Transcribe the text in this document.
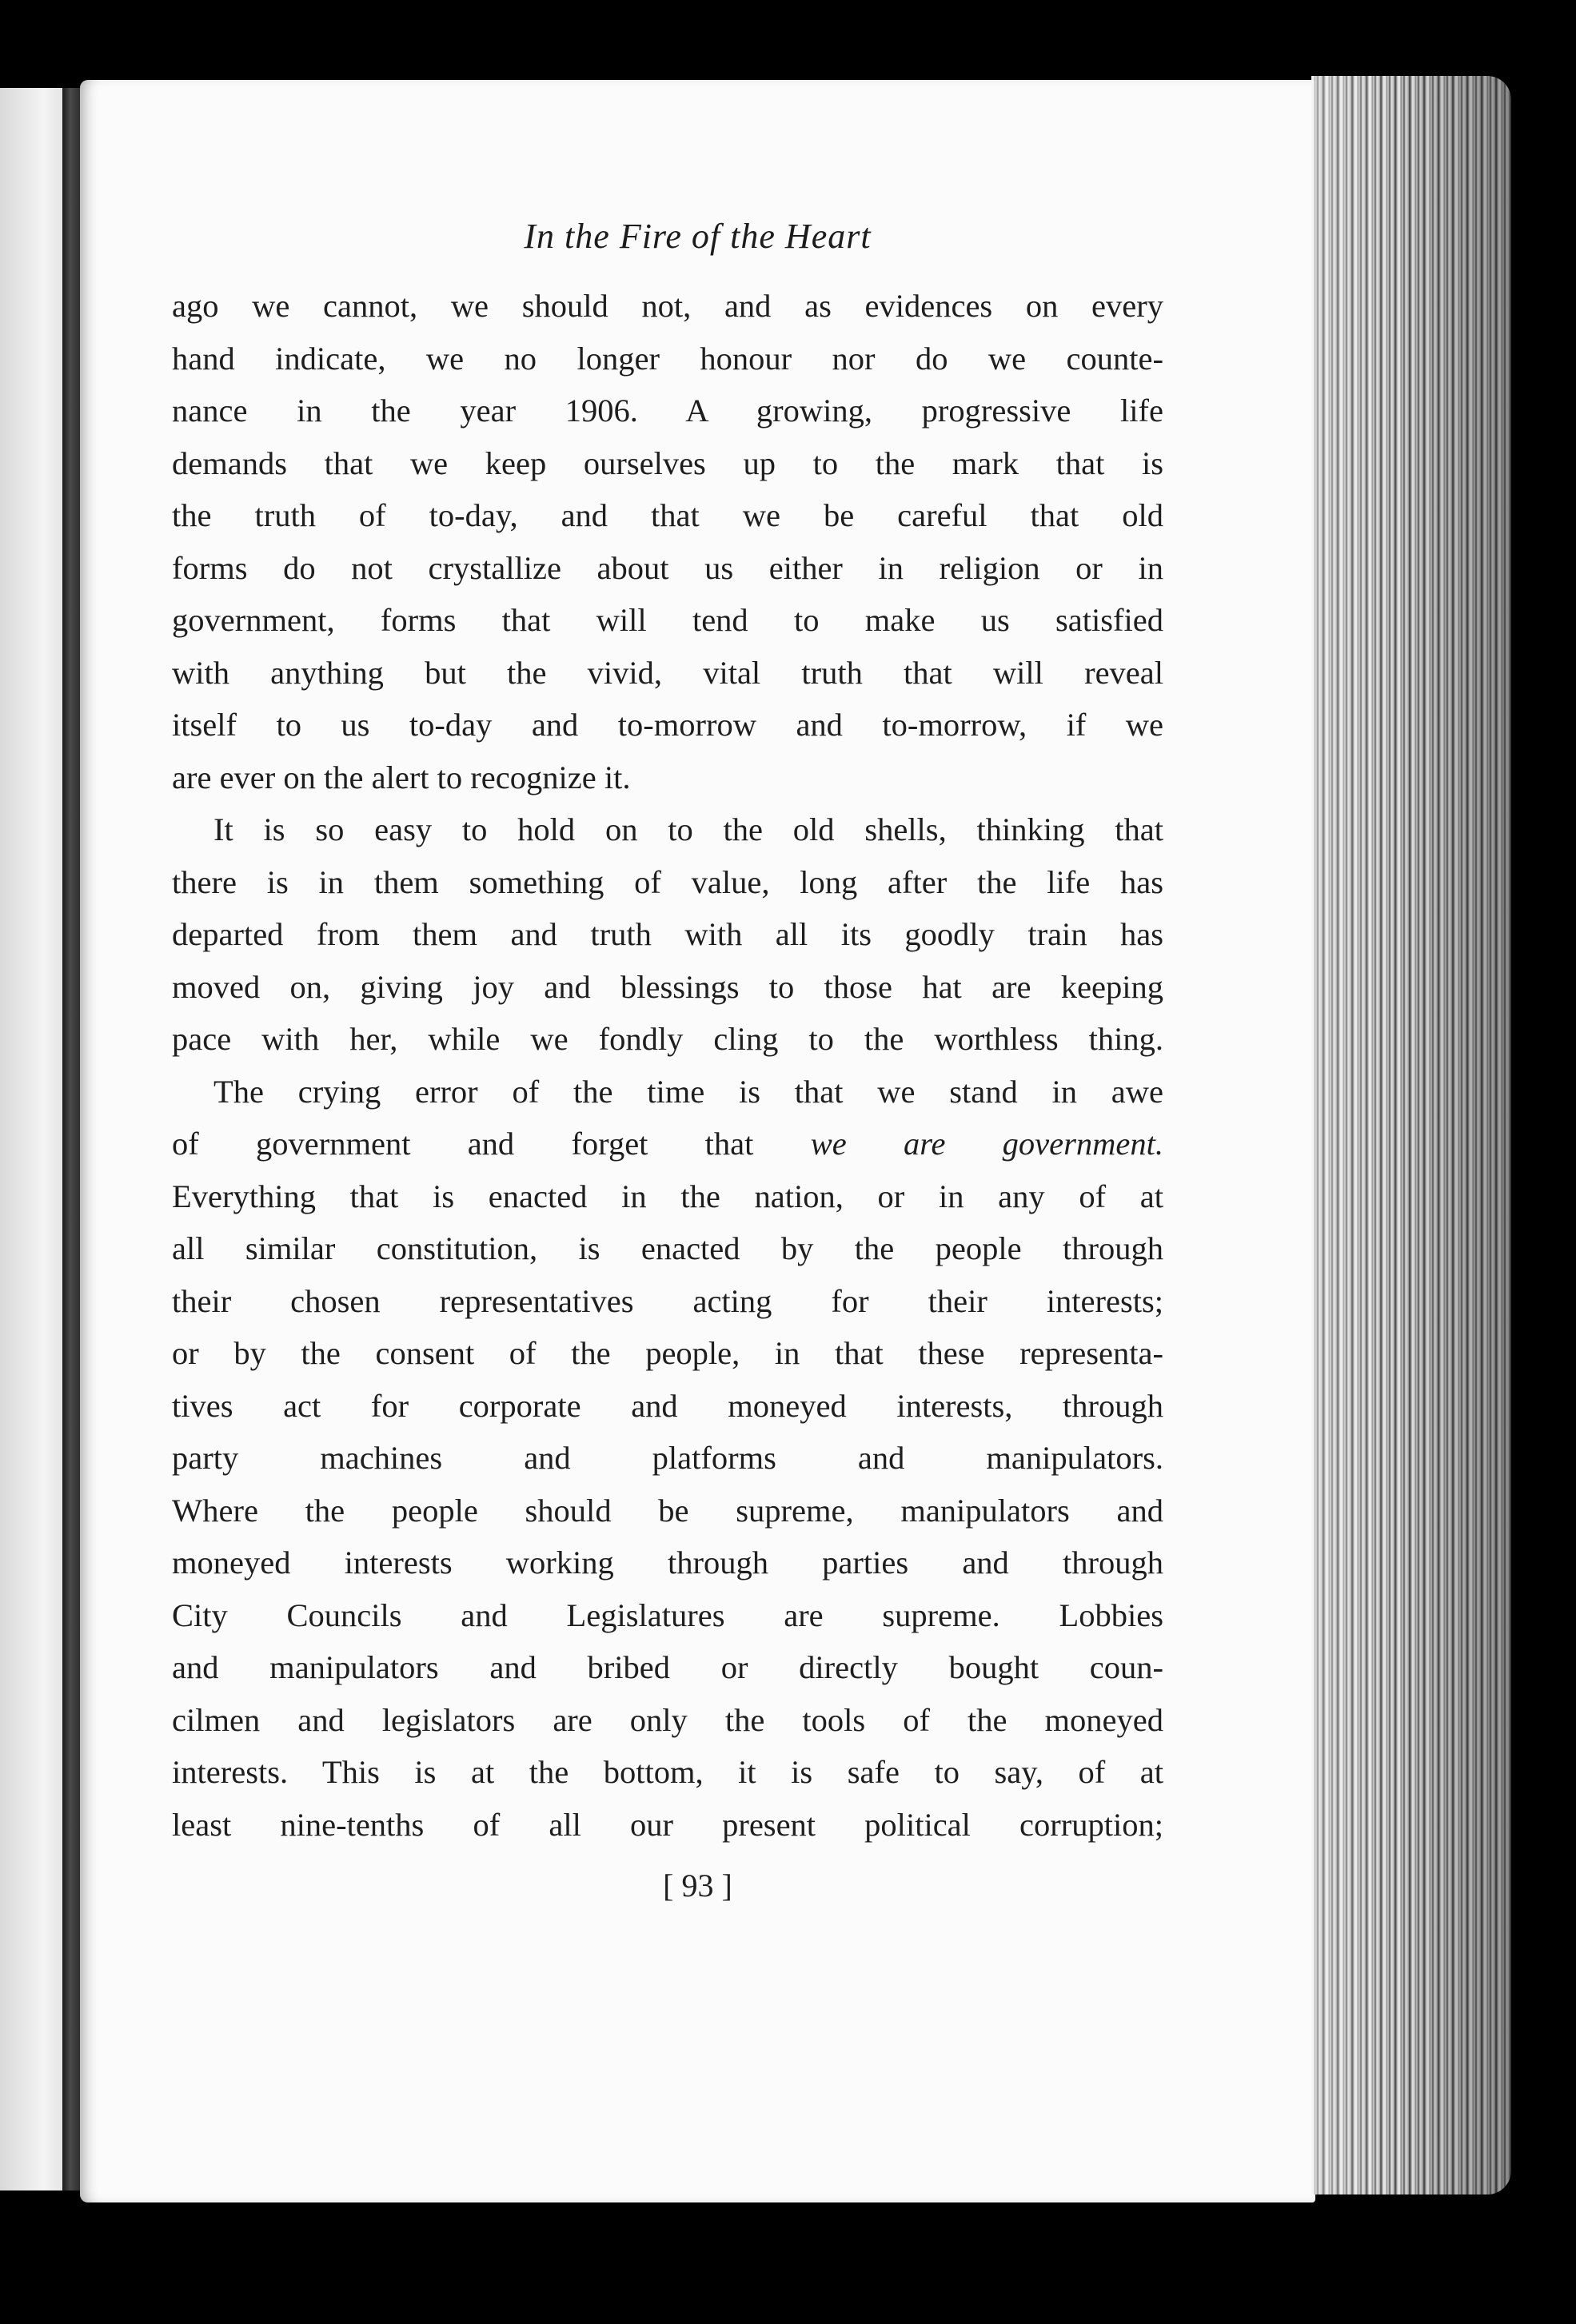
In the Fire of the Heart
ago we cannot, we should not, and as evidences on every
hand indicate, we no longer honour nor do we counte-
nance in the year 1906. A growing, progressive life
demands that we keep ourselves up to the mark that is
the truth of to-day, and that we be careful that old
forms do not crystallize about us either in religion or in
government, forms that will tend to make us satisfied
with anything but the vivid, vital truth that will reveal
itself to us to-day and to-morrow and to-morrow, if we
are ever on the alert to recognize it.
It is so easy to hold on to the old shells, thinking that
there is in them something of value, long after the life has
departed from them and truth with all its goodly train has
moved on, giving joy and blessings to those hat are keeping
pace with her, while we fondly cling to the worthless thing.
The crying error of the time is that we stand in awe
of government and forget that we are government.
Everything that is enacted in the nation, or in any of at
all similar constitution, is enacted by the people through
their chosen representatives acting for their interests;
or by the consent of the people, in that these representa-
tives act for corporate and moneyed interests, through
party machines and platforms and manipulators.
Where the people should be supreme, manipulators and
moneyed interests working through parties and through
City Councils and Legislatures are supreme. Lobbies
and manipulators and bribed or directly bought coun-
cilmen and legislators are only the tools of the moneyed
interests. This is at the bottom, it is safe to say, of at
least nine-tenths of all our present political corruption;
[ 93 ]
